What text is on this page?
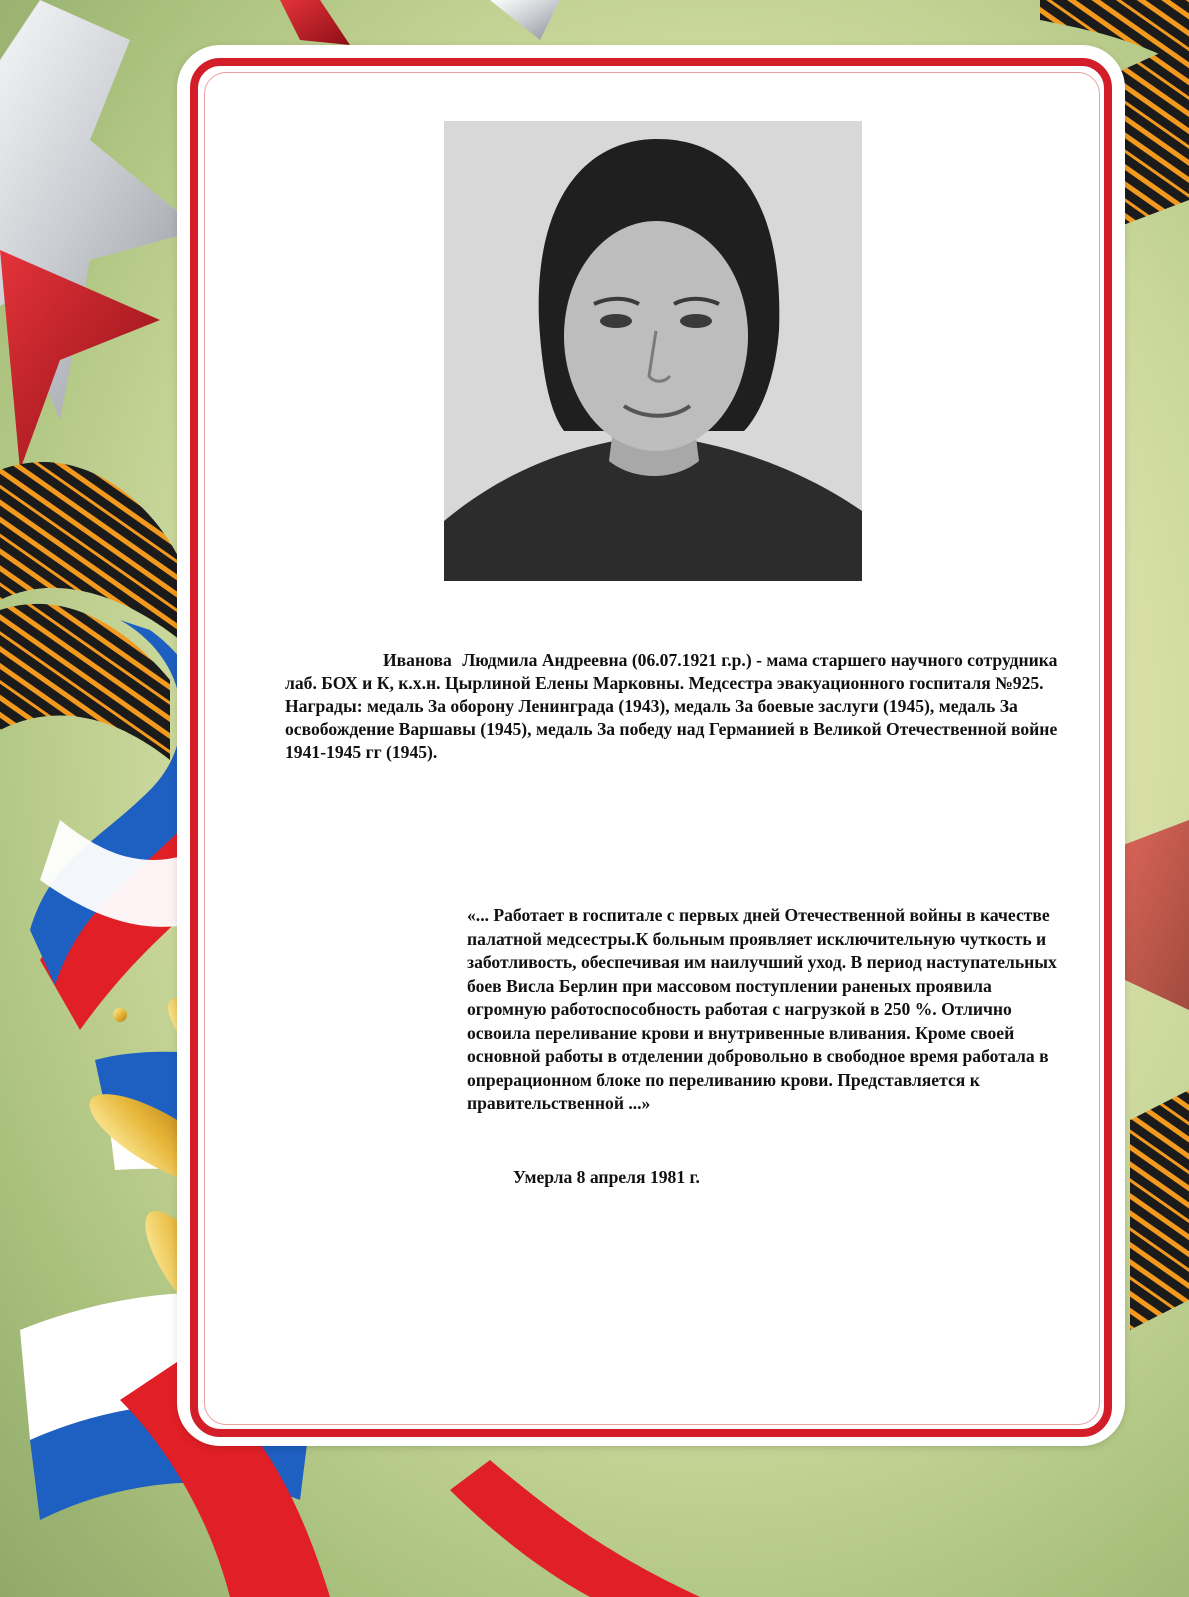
Иванова Людмила Андреевна (06.07.1921 г.р.) - мама старшего научного сотрудника лаб. БОХ и К, к.х.н. Цырлиной Елены Марковны. Медсестра эвакуационного госпиталя №925. Награды: медаль За оборону Ленинграда (1943), медаль За боевые заслуги (1945), медаль За освобождение Варшавы (1945), медаль За победу над Германией в Великой Отечественной войне 1941-1945 гг (1945).

«... Работает в госпитале с первых дней Отечественной войны в качестве палатной медсестры.К больным проявляет исключительную чуткость и заботливость, обеспечивая им наилучший уход. В период наступательных боев Висла Берлин при массовом поступлении раненых проявила огромную работоспособность работая с нагрузкой в 250 %. Отлично освоила переливание крови и внутривенные вливания. Кроме своей основной работы в отделении добровольно в свободное время работала в опрерационном блоке по переливанию крови. Представляется к правительственной ...»

Умерла 8 апреля 1981 г.
